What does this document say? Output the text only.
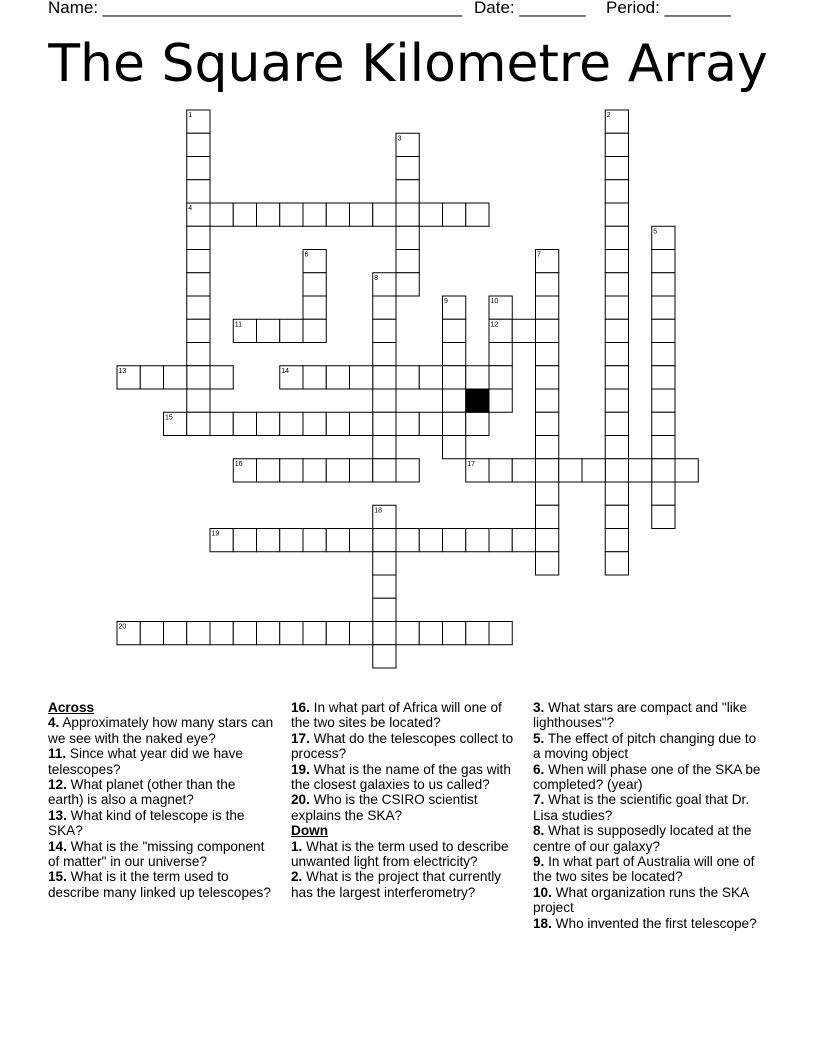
Name: ______________________________________ Date: _______ Period: _______
The Square Kilometre Array
1	2
3
4
5
6	7
8
9	10
11	12
13	14
15
16	17
18
19
20
Across
4. Approximately how many stars can we see with the naked eye?
11. Since what year did we have telescopes?
12. What planet (other than the earth) is also a magnet?
13. What kind of telescope is the SKA?
14. What is the "missing component of matter" in our universe?
15. What is it the term used to describe many linked up telescopes?
16. In what part of Africa will one of the two sites be located?
17. What do the telescopes collect to process?
19. What is the name of the gas with the closest galaxies to us called?
20. Who is the CSIRO scientist explains the SKA?
Down
1. What is the term used to describe unwanted light from electricity?
2. What is the project that currently has the largest interferometry?
3. What stars are compact and "like lighthouses"?
5. The effect of pitch changing due to a moving object
6. When will phase one of the SKA be completed? (year)
7. What is the scientific goal that Dr. Lisa studies?
8. What is supposedly located at the centre of our galaxy?
9. In what part of Australia will one of the two sites be located?
10. What organization runs the SKA project
18. Who invented the first telescope?
